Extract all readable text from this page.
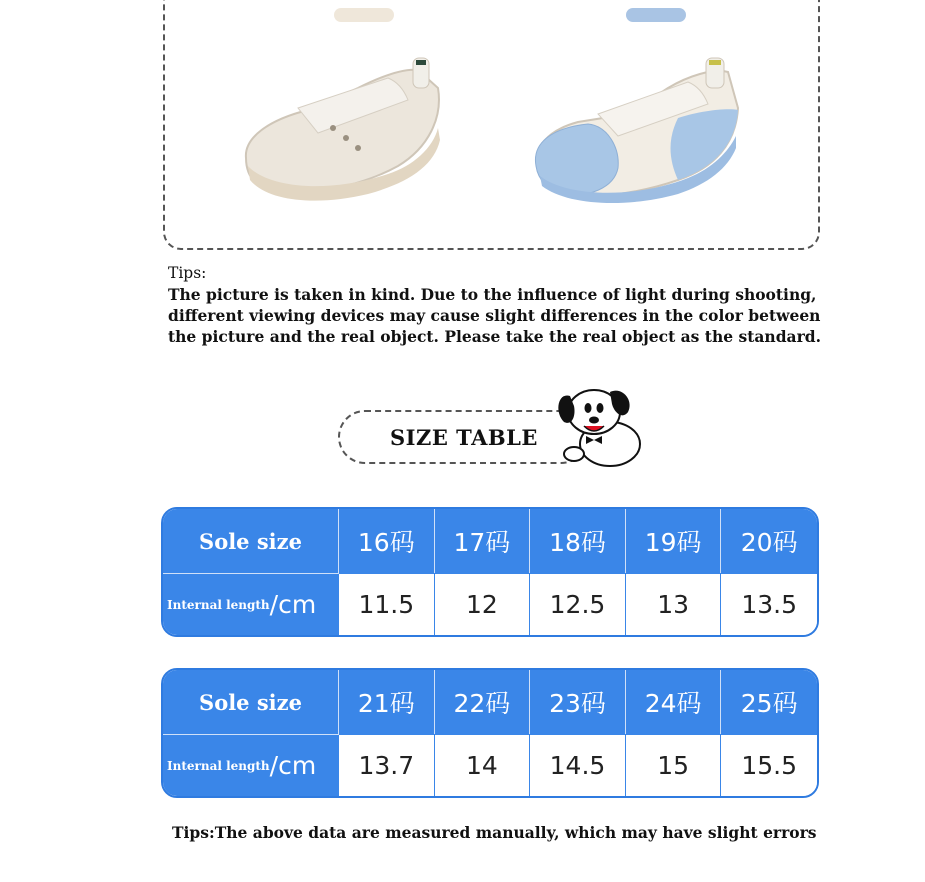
Tips:
The picture is taken in kind. Due to the influence of light during shooting,
different viewing devices may cause slight differences in the color between
the picture and the real object. Please take the real object as the standard.
SIZE TABLE
Sole size	16码	17码	18码	19码	20码
Internal length /cm	11.5	12	12.5	13	13.5
Sole size	21码	22码	23码	24码	25码
Internal length /cm	13.7	14	14.5	15	15.5
Tips:The above data are measured manually, which may have slight errors
